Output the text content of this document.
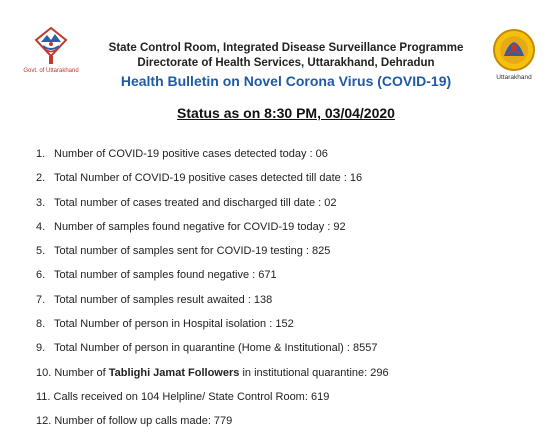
Govt. of Uttarakhand
Uttarakhand
State Control Room, Integrated Disease Surveillance Programme
Directorate of Health Services, Uttarakhand, Dehradun
Health Bulletin on Novel Corona Virus (COVID-19)
Status as on 8:30 PM, 03/04/2020
1. Number of COVID-19 positive cases detected today : 06
2. Total Number of COVID-19 positive cases detected till date : 16
3. Total number of cases treated and discharged till date : 02
4. Number of samples found negative for COVID-19 today : 92
5. Total number of samples sent for COVID-19 testing : 825
6. Total number of samples found negative : 671
7. Total number of samples result awaited : 138
8. Total Number of person in Hospital isolation : 152
9. Total Number of person in quarantine (Home & Institutional) : 8557
10. Number of Tablighi Jamat Followers in institutional quarantine: 296
11. Calls received on 104 Helpline/ State Control Room: 619
12. Number of follow up calls made: 779
